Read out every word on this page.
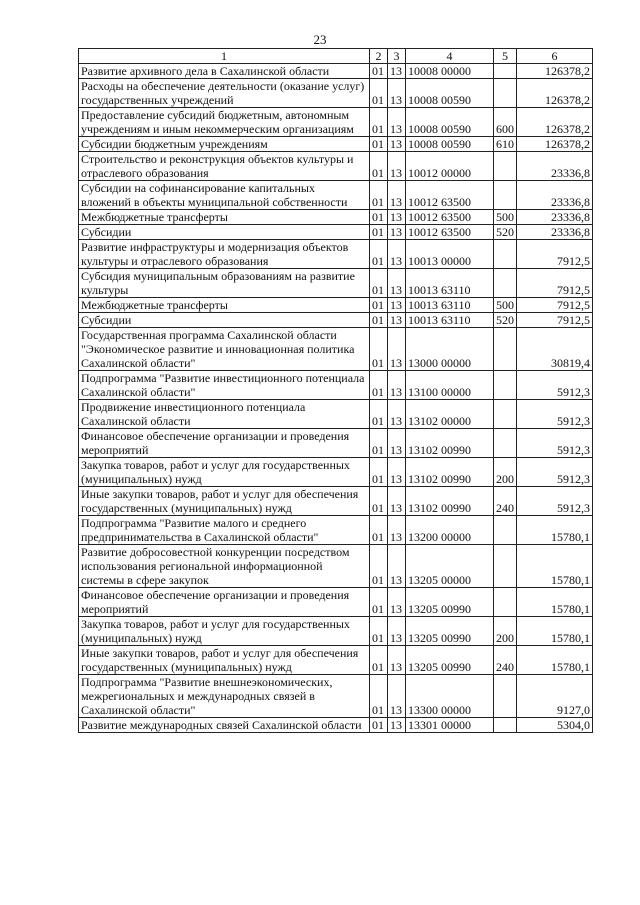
23
1	2	3	4	5	6
Развитие архивного дела в Сахалинской области	01	13	10008 00000		126378,2
Расходы на обеспечение деятельности (оказание услуг) государственных учреждений	01	13	10008 00590		126378,2
Предоставление субсидий бюджетным, автономным учреждениям и иным некоммерческим организациям	01	13	10008 00590	600	126378,2
Субсидии бюджетным учреждениям	01	13	10008 00590	610	126378,2
Строительство и реконструкция объектов культуры и отраслевого образования	01	13	10012 00000		23336,8
Субсидии на софинансирование капитальных вложений в объекты муниципальной собственности	01	13	10012 63500		23336,8
Межбюджетные трансферты	01	13	10012 63500	500	23336,8
Субсидии	01	13	10012 63500	520	23336,8
Развитие инфраструктуры и модернизация объектов культуры и отраслевого образования	01	13	10013 00000		7912,5
Субсидия муниципальным образованиям на развитие культуры	01	13	10013 63110		7912,5
Межбюджетные трансферты	01	13	10013 63110	500	7912,5
Субсидии	01	13	10013 63110	520	7912,5
Государственная программа Сахалинской области "Экономическое развитие и инновационная политика Сахалинской области"	01	13	13000 00000		30819,4
Подпрограмма "Развитие инвестиционного потенциала Сахалинской области"	01	13	13100 00000		5912,3
Продвижение инвестиционного потенциала Сахалинской области	01	13	13102 00000		5912,3
Финансовое обеспечение организации и проведения мероприятий	01	13	13102 00990		5912,3
Закупка товаров, работ и услуг для государственных (муниципальных) нужд	01	13	13102 00990	200	5912,3
Иные закупки товаров, работ и услуг для обеспечения государственных (муниципальных) нужд	01	13	13102 00990	240	5912,3
Подпрограмма "Развитие малого и среднего предпринимательства в Сахалинской области"	01	13	13200 00000		15780,1
Развитие добросовестной конкуренции посредством использования региональной информационной системы в сфере закупок	01	13	13205 00000		15780,1
Финансовое обеспечение организации и проведения мероприятий	01	13	13205 00990		15780,1
Закупка товаров, работ и услуг для государственных (муниципальных) нужд	01	13	13205 00990	200	15780,1
Иные закупки товаров, работ и услуг для обеспечения государственных (муниципальных) нужд	01	13	13205 00990	240	15780,1
Подпрограмма "Развитие внешнеэкономических, межрегиональных и международных связей в Сахалинской области"	01	13	13300 00000		9127,0
Развитие международных связей Сахалинской области	01	13	13301 00000		5304,0
